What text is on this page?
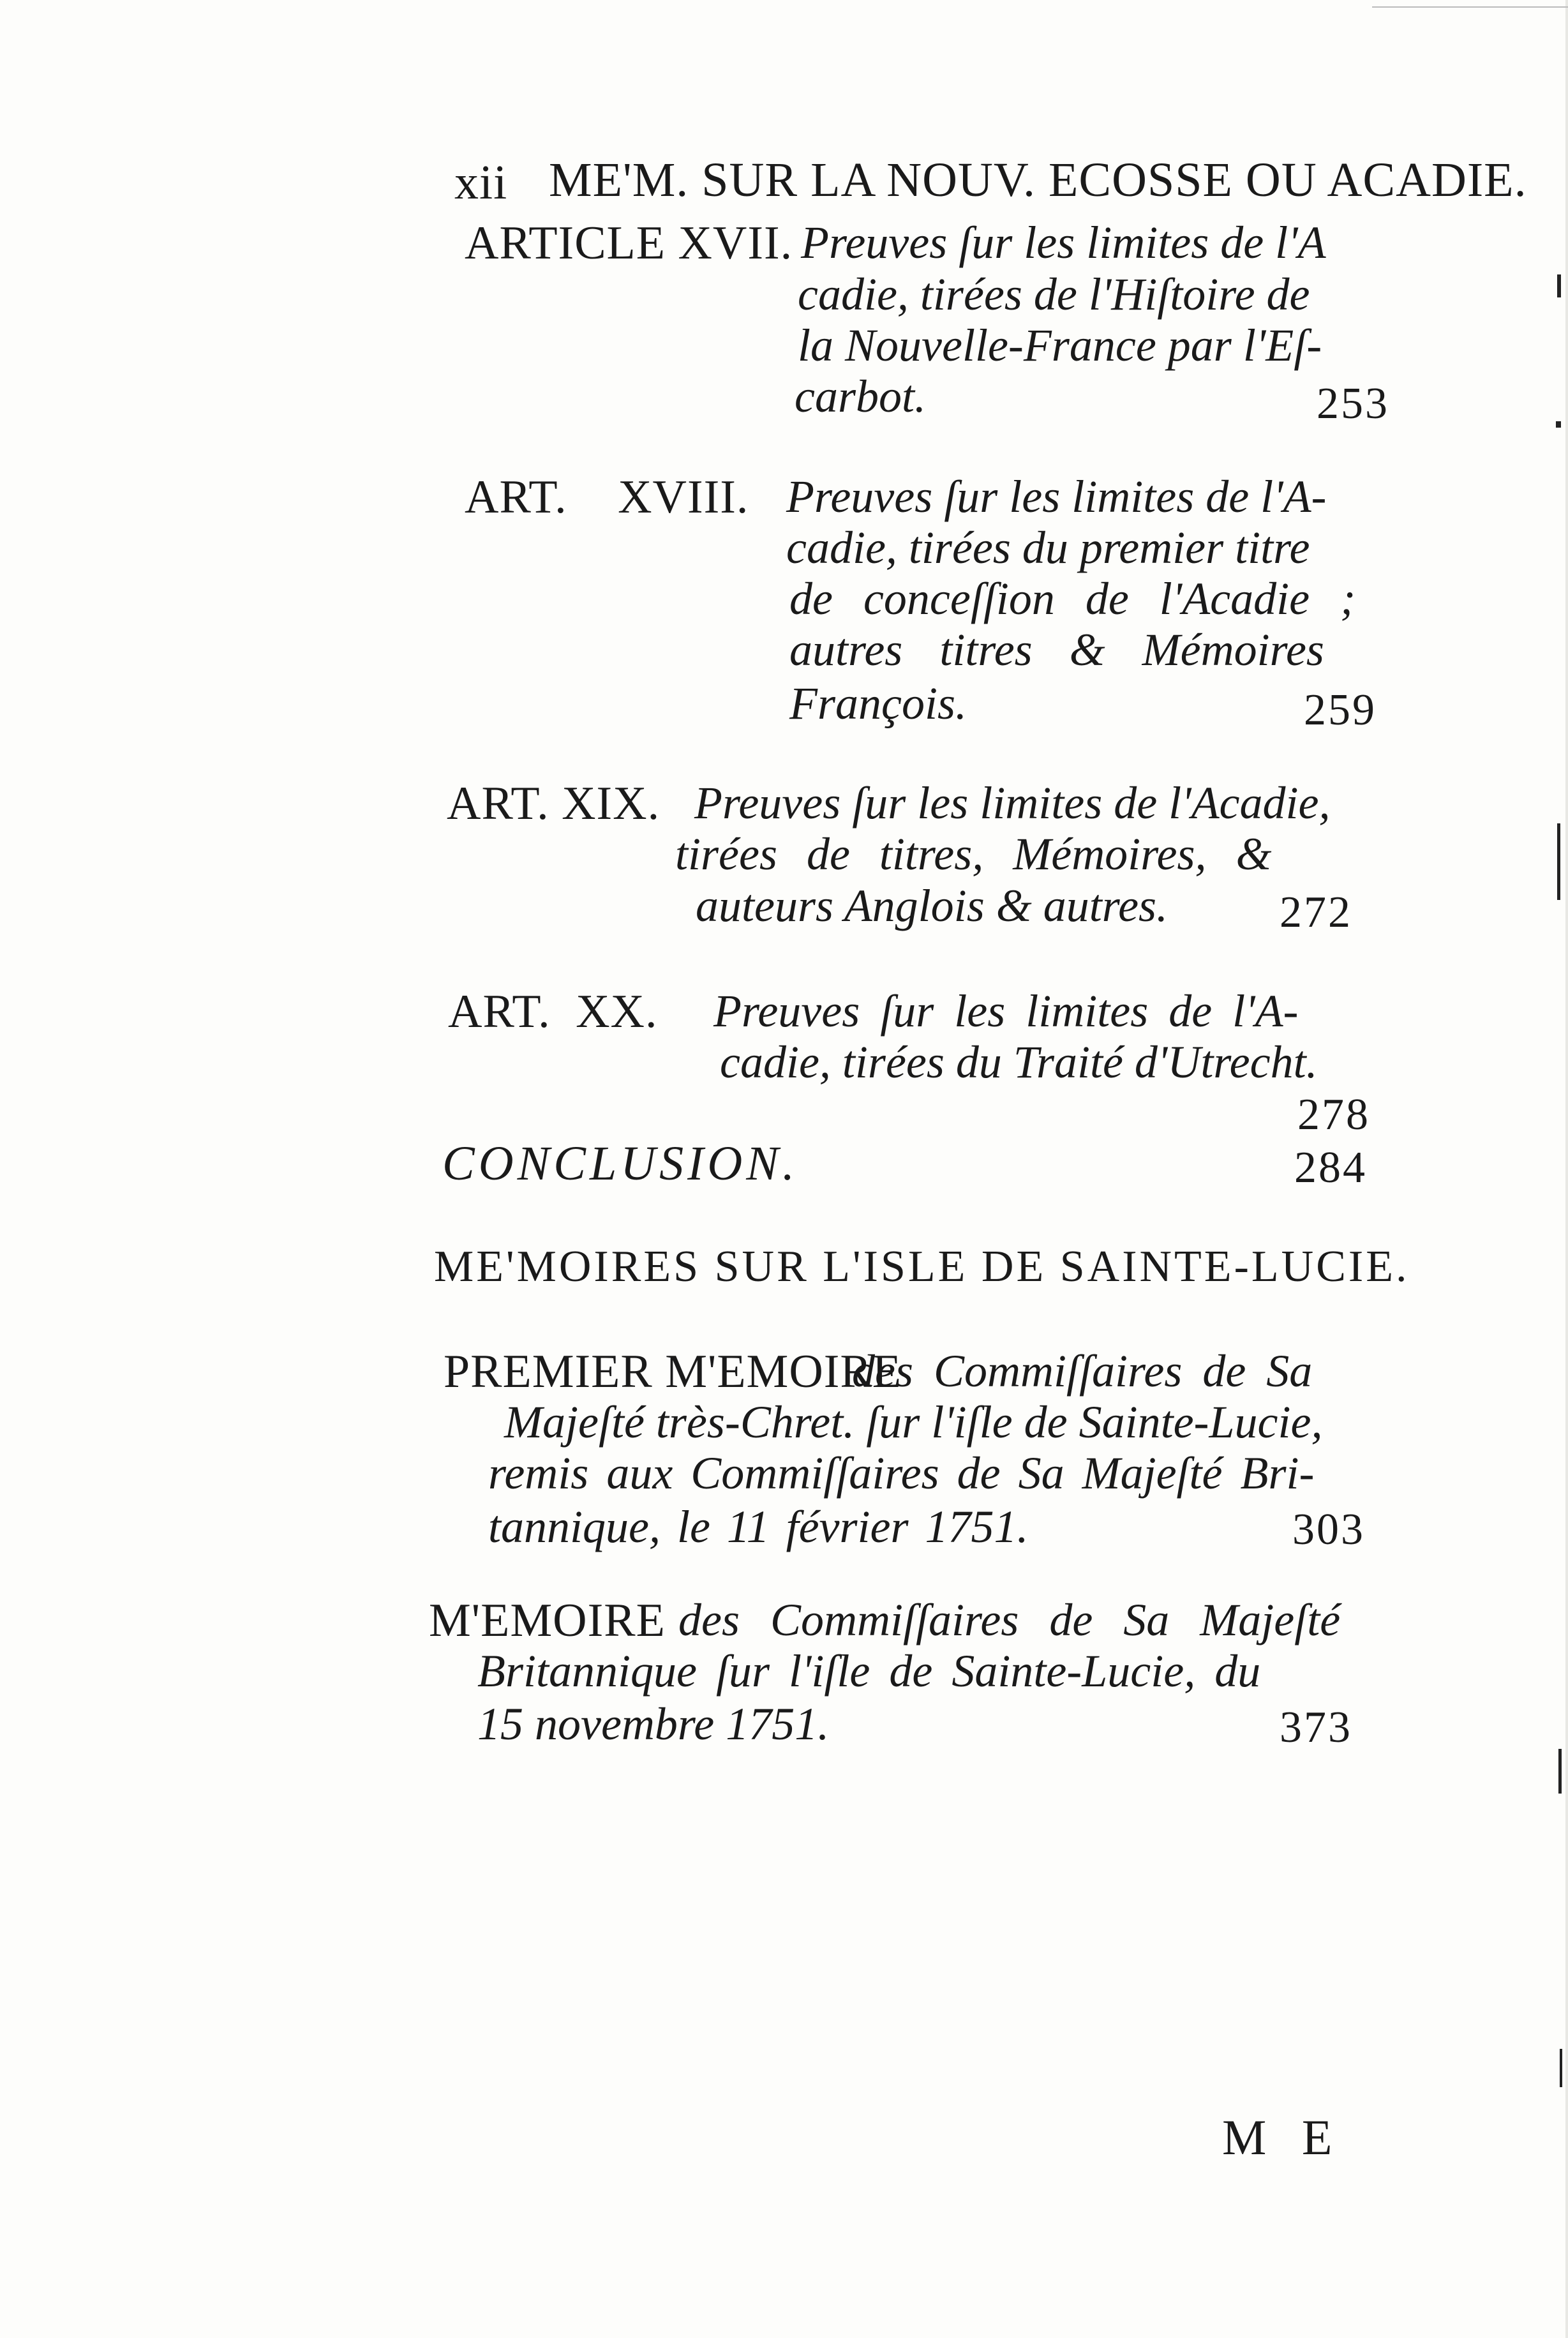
xii ME'M. SUR LA NOUV. ECOSSE OU ACADIE.
ARTICLE XVII. Preuves ſur les limites de l'A
cadie, tirées de l'Hiſtoire de
la Nouvelle-France par l'Eſ-
carbot.	253
ART. XVIII. Preuves ſur les limites de l'A-
cadie, tirées du premier titre
de conceſſion de l'Acadie ;
autres titres & Mémoires
François.	259
ART. XIX. Preuves ſur les limites de l'Acadie,
tirées de titres, Mémoires, &
auteurs Anglois & autres. 272
ART. XX. Preuves ſur les limites de l'A-
cadie, tirées du Traité d'Utrecht.
278
CONCLUSION.	284
ME'MOIRES SUR L'ISLE DE SAINTE-LUCIE.
PREMIER M'EMOIRE
des Commiſſaires de Sa
Majeſté très-Chret. ſur l'iſle de Sainte-Lucie,
remis aux Commiſſaires de Sa Majeſté Bri-
tannique, le 11 février 1751.	303
M'EMOIRE des Commiſſaires de Sa Majeſté
Britannique ſur l'iſle de Sainte-Lucie, du
15 novembre 1751.	373
M E
